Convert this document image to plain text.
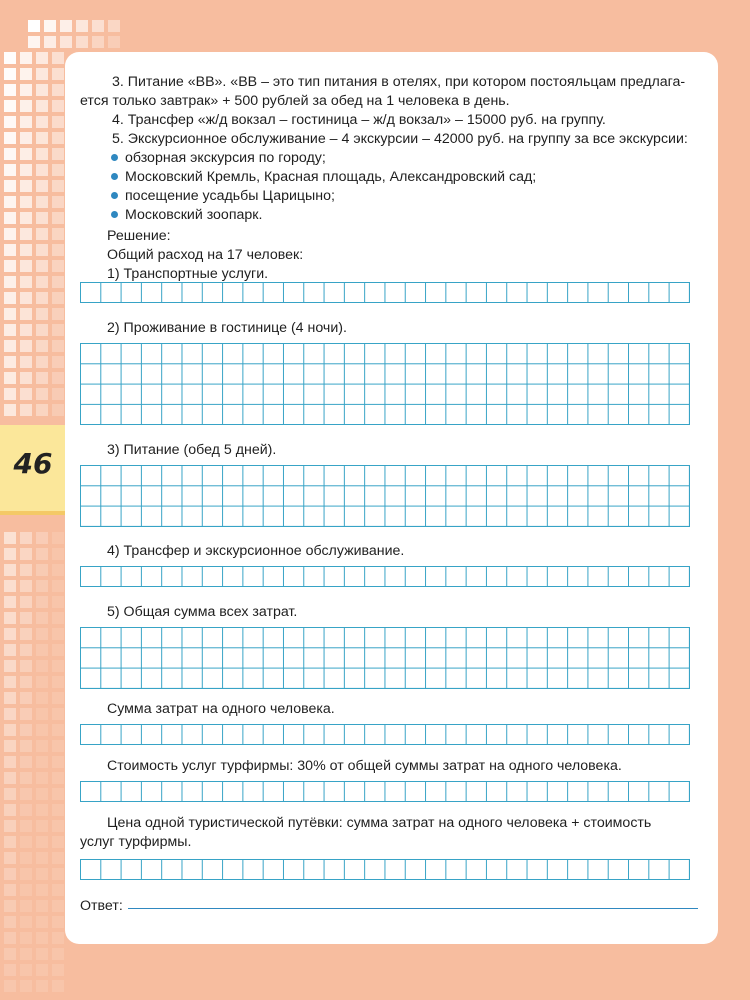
46
3. Питание «BB». «BB – это тип питания в отелях, при котором постояльцам предлага-
ется только завтрак» + 500 рублей за обед на 1 человека в день.
4. Трансфер «ж/д вокзал – гостиница – ж/д вокзал» – 15000 руб. на группу.
5. Экскурсионное обслуживание – 4 экскурсии – 42000 руб. на группу за все экскурсии:
обзорная экскурсия по городу;
Московский Кремль, Красная площадь, Александровский сад;
посещение усадьбы Царицыно;
Московский зоопарк.
Решение:
Общий расход на 17 человек:
1) Транспортные услуги.
2) Проживание в гостинице (4 ночи).
3) Питание (обед 5 дней).
4) Трансфер и экскурсионное обслуживание.
5) Общая сумма всех затрат.
Сумма затрат на одного человека.
Стоимость услуг турфирмы: 30% от общей суммы затрат на одного человека.
Цена одной туристической путёвки: сумма затрат на одного человека + стоимость
услуг турфирмы.
Ответ:
